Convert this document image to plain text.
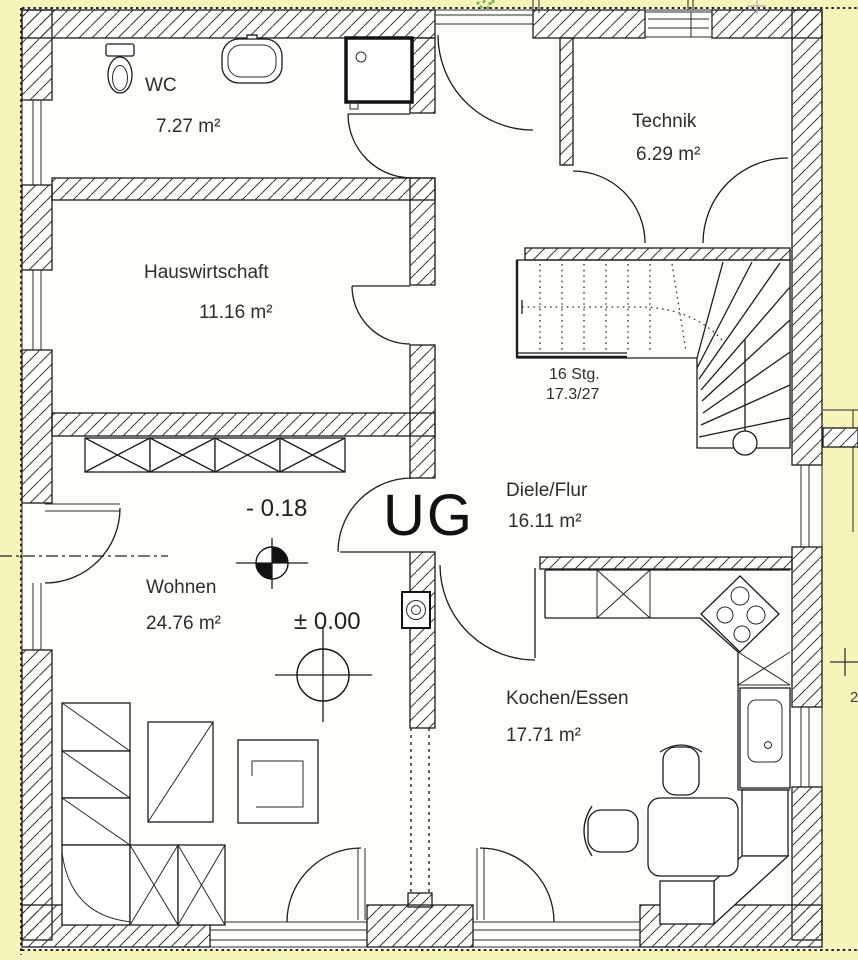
WC
7.27 m²	Technik
6.29 m²
Hauswirtschaft
11.16 m²
16 Stg.
17.3/27
Diele/Flur
16.11 m²
UG
- 0.18
± 0.00
Wohnen
24.76 m²
Kochen/Essen
17.71 m²
2
